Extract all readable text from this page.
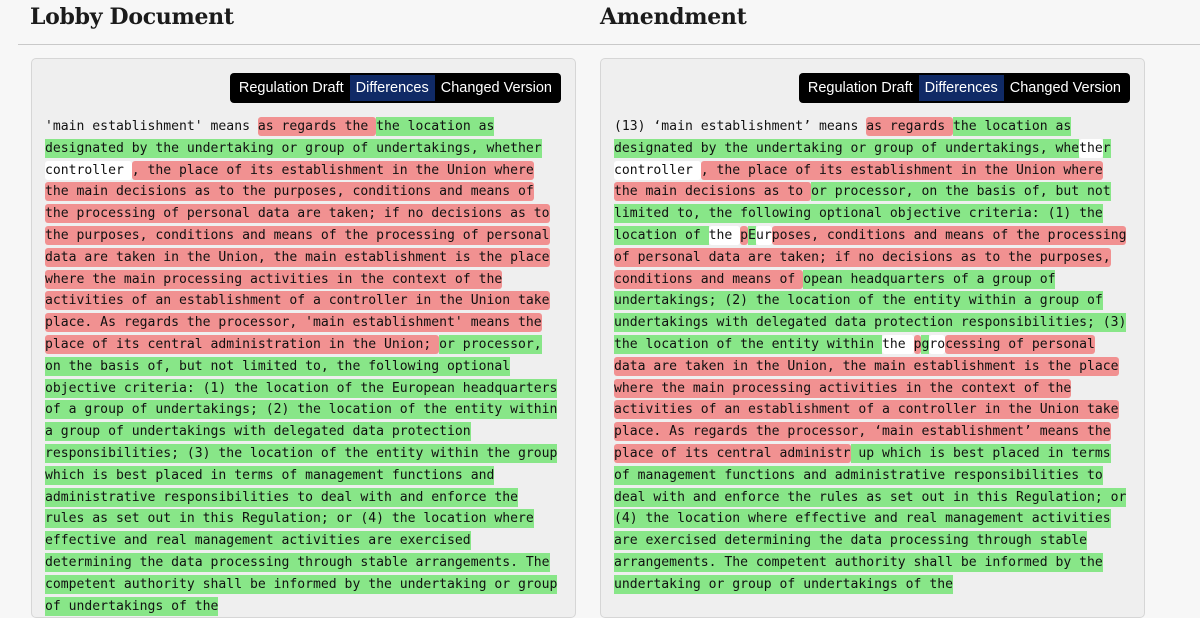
Lobby Document	Amendment
Regulation Draft Differences Changed Version
'main establishment' means as regards the the location as designated by the undertaking or group of undertakings, whether controller , the place of its establishment in the Union where the main decisions as to the purposes, conditions and means of the processing of personal data are taken; if no decisions as to the purposes, conditions and means of the processing of personal data are taken in the Union, the main establishment is the place where the main processing activities in the context of the activities of an establishment of a controller in the Union take place. As regards the processor, 'main establishment' means the place of its central administration in the Union; or processor, on the basis of, but not limited to, the following optional objective criteria: (1) the location of the European headquarters of a group of undertakings; (2) the location of the entity within a group of undertakings with delegated data protection responsibilities; (3) the location of the entity within the group which is best placed in terms of management functions and administrative responsibilities to deal with and enforce the rules as set out in this Regulation; or (4) the location where effective and real management activities are exercised determining the data processing through stable arrangements. The competent authority shall be informed by the undertaking or group of undertakings of the
Regulation Draft Differences Changed Version
(13) ‘main establishment’ means as regards the location as designated by the undertaking or group of undertakings, whether controller , the place of its establishment in the Union where the main decisions as to or processor, on the basis of, but not limited to, the following optional objective criteria: (1) the location of the pEurposes, conditions and means of the processing of personal data are taken; if no decisions as to the purposes, conditions and means of opean headquarters of a group of undertakings; (2) the location of the entity within a group of undertakings with delegated data protection responsibilities; (3) the location of the entity within the pgrocessing of personal data are taken in the Union, the main establishment is the place where the main processing activities in the context of the activities of an establishment of a controller in the Union take place. As regards the processor, ‘main establishment’ means the place of its central administr up which is best placed in terms of management functions and administrative responsibilities to deal with and enforce the rules as set out in this Regulation; or (4) the location where effective and real management activities are exercised determining the data processing through stable arrangements. The competent authority shall be informed by the undertaking or group of undertakings of the
